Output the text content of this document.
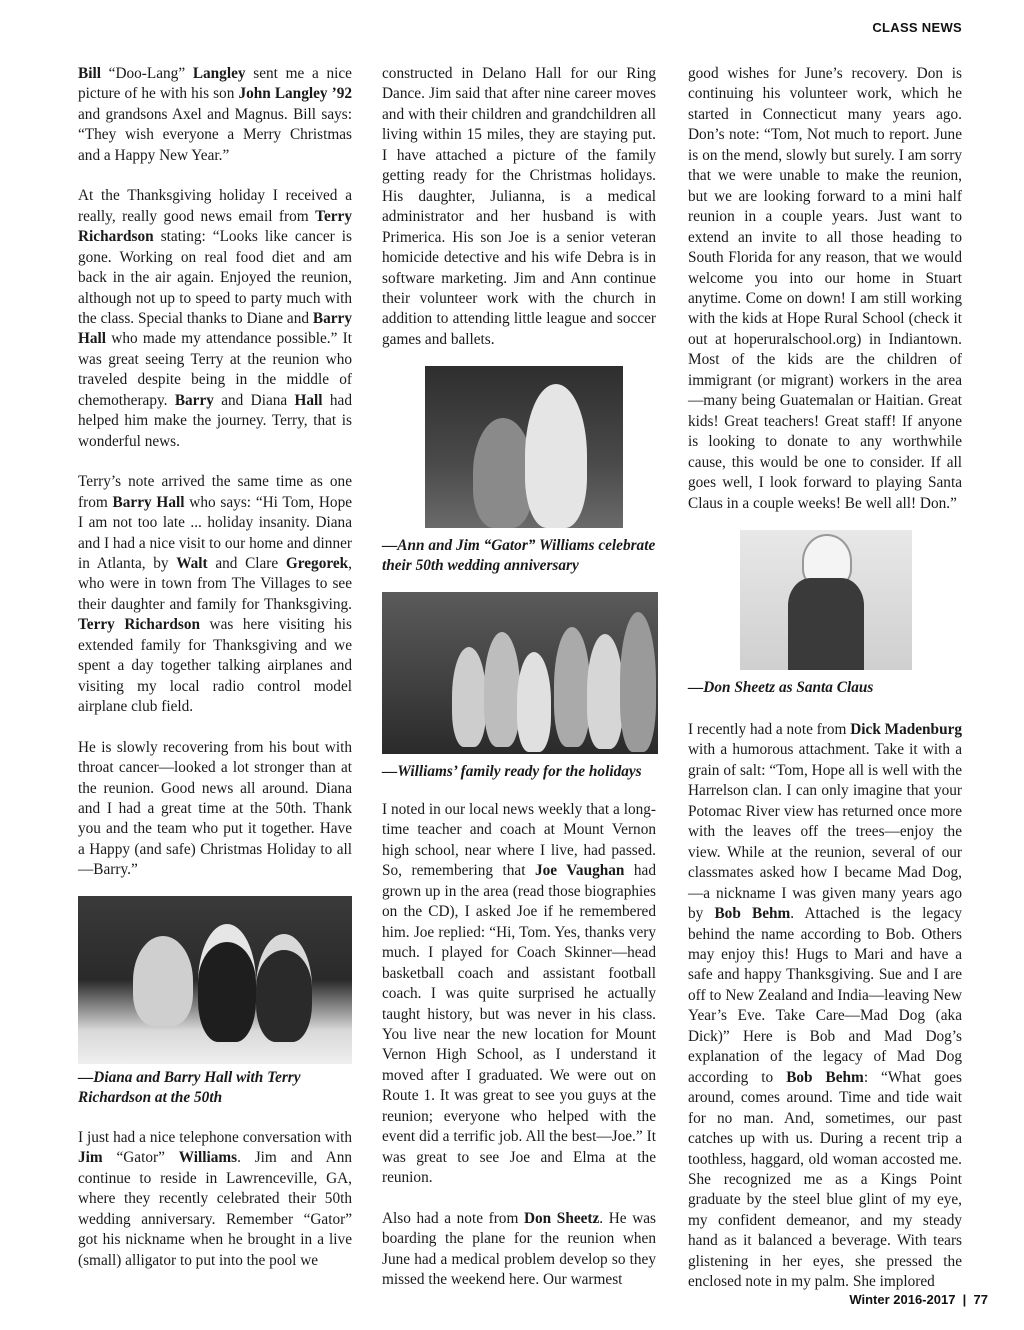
CLASS NEWS

Bill “Doo-Lang” Langley sent me a nice picture of he with his son John Langley ’92 and grandsons Axel and Magnus. Bill says: “They wish everyone a Merry Christmas and a Happy New Year.”

At the Thanksgiving holiday I received a really, really good news email from Terry Richardson stating: “Looks like cancer is gone. Working on real food diet and am back in the air again. Enjoyed the reunion, although not up to speed to party much with the class. Special thanks to Diane and Barry Hall who made my attendance possible.” It was great seeing Terry at the reunion who traveled despite being in the middle of chemotherapy. Barry and Diana Hall had helped him make the journey. Terry, that is wonderful news.

Terry’s note arrived the same time as one from Barry Hall who says: “Hi Tom, Hope I am not too late ... holiday insanity. Diana and I had a nice visit to our home and dinner in Atlanta, by Walt and Clare Gregorek, who were in town from The Villages to see their daughter and family for Thanksgiving. Terry Richardson was here visiting his extended family for Thanksgiving and we spent a day together talking airplanes and visiting my local radio control model airplane club field.

He is slowly recovering from his bout with throat cancer—looked a lot stronger than at the reunion. Good news all around. Diana and I had a great time at the 50th. Thank you and the team who put it together. Have a Happy (and safe) Christmas Holiday to all—Barry.”

—Diana and Barry Hall with Terry Richardson at the 50th

I just had a nice telephone conversation with Jim “Gator” Williams. Jim and Ann continue to reside in Lawrenceville, GA, where they recently celebrated their 50th wedding anniversary. Remember “Gator” got his nickname when he brought in a live (small) alligator to put into the pool we

constructed in Delano Hall for our Ring Dance. Jim said that after nine career moves and with their children and grandchildren all living within 15 miles, they are staying put. I have attached a picture of the family getting ready for the Christmas holidays. His daughter, Julianna, is a medical administrator and her husband is with Primerica. His son Joe is a senior veteran homicide detective and his wife Debra is in software marketing. Jim and Ann continue their volunteer work with the church in addition to attending little league and soccer games and ballets.

—Ann and Jim “Gator” Williams celebrate their 50th wedding anniversary
—Williams’ family ready for the holidays

I noted in our local news weekly that a long-time teacher and coach at Mount Vernon high school, near where I live, had passed. So, remembering that Joe Vaughan had grown up in the area (read those biographies on the CD), I asked Joe if he remembered him. Joe replied: “Hi, Tom. Yes, thanks very much. I played for Coach Skinner—head basketball coach and assistant football coach. I was quite surprised he actually taught history, but was never in his class. You live near the new location for Mount Vernon High School, as I understand it moved after I graduated. We were out on Route 1. It was great to see you guys at the reunion; everyone who helped with the event did a terrific job. All the best—Joe.” It was great to see Joe and Elma at the reunion.

Also had a note from Don Sheetz. He was boarding the plane for the reunion when June had a medical problem develop so they missed the weekend here. Our warmest

good wishes for June’s recovery. Don is continuing his volunteer work, which he started in Connecticut many years ago. Don’s note: “Tom, Not much to report. June is on the mend, slowly but surely. I am sorry that we were unable to make the reunion, but we are looking forward to a mini half reunion in a couple years. Just want to extend an invite to all those heading to South Florida for any reason, that we would welcome you into our home in Stuart anytime. Come on down! I am still working with the kids at Hope Rural School (check it out at hoperuralschool.org) in Indiantown. Most of the kids are the children of immigrant (or migrant) workers in the area—many being Guatemalan or Haitian. Great kids! Great teachers! Great staff! If anyone is looking to donate to any worthwhile cause, this would be one to consider. If all goes well, I look forward to playing Santa Claus in a couple weeks! Be well all! Don.”

—Don Sheetz as Santa Claus

I recently had a note from Dick Madenburg with a humorous attachment. Take it with a grain of salt: “Tom, Hope all is well with the Harrelson clan. I can only imagine that your Potomac River view has returned once more with the leaves off the trees—enjoy the view. While at the reunion, several of our classmates asked how I became Mad Dog,—a nickname I was given many years ago by Bob Behm. Attached is the legacy behind the name according to Bob. Others may enjoy this! Hugs to Mari and have a safe and happy Thanksgiving. Sue and I are off to New Zealand and India—leaving New Year’s Eve. Take Care—Mad Dog (aka Dick)” Here is Bob and Mad Dog’s explanation of the legacy of Mad Dog according to Bob Behm: “What goes around, comes around. Time and tide wait for no man. And, sometimes, our past catches up with us. During a recent trip a toothless, haggard, old woman accosted me. She recognized me as a Kings Point graduate by the steel blue glint of my eye, my confident demeanor, and my steady hand as it balanced a beverage. With tears glistening in her eyes, she pressed the enclosed note in my palm. She implored

Winter 2016-2017 | 77
